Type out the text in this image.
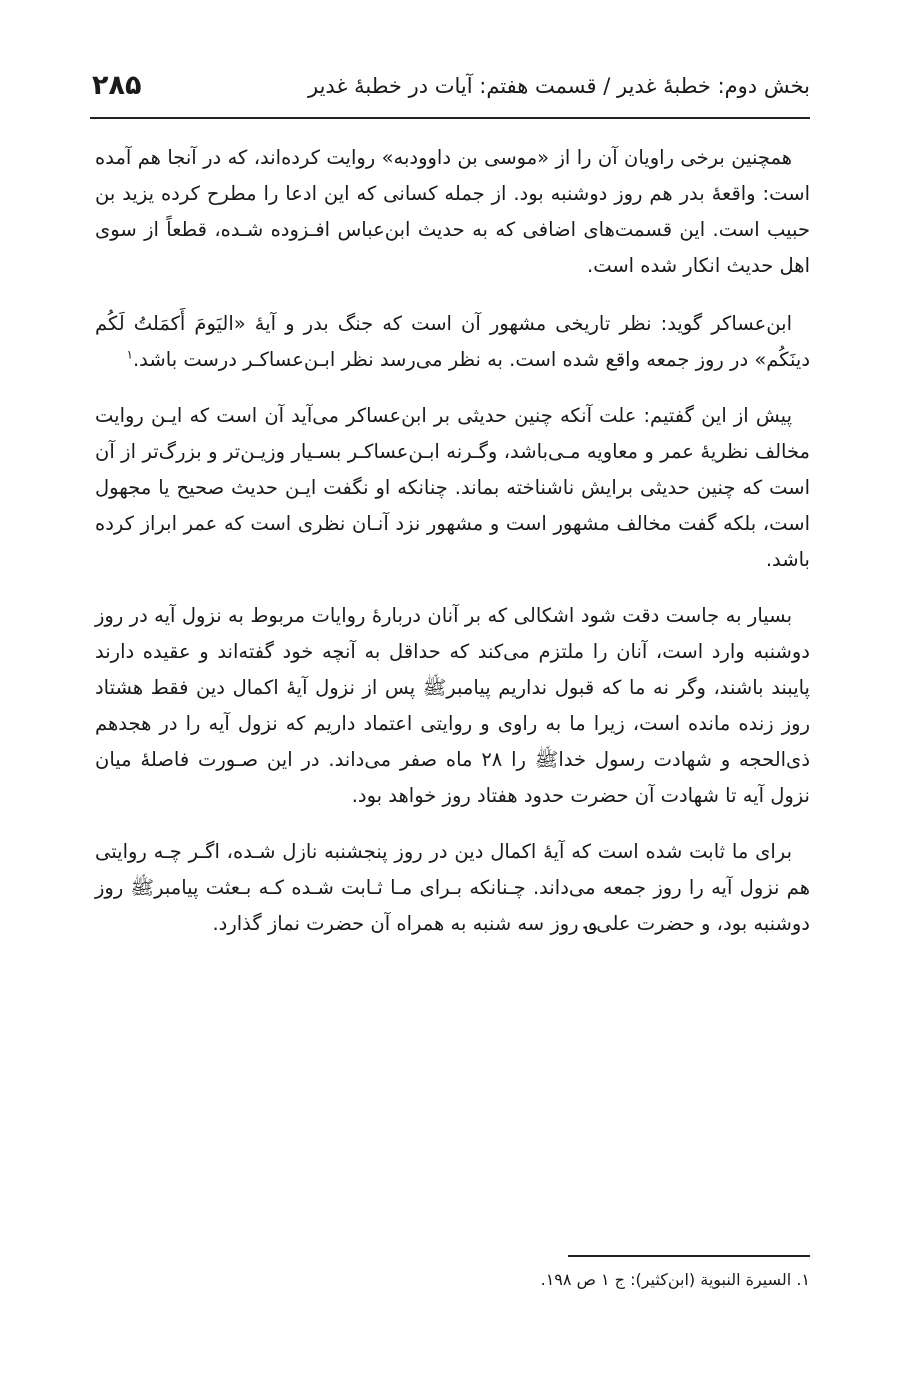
بخش دوم: خطبهٔ غدیر / قسمت هفتم: آیات در خطبهٔ غدیر
۲۸۵

همچنین برخی راویان آن را از «موسی بن داوودبه» روایت کرده‌اند، که در آنجا هم آمده است: واقعهٔ بدر هم روز دوشنبه بود. از جمله کسانی که این ادعا را مطرح کرده یزید بن حبیب است. این قسمت‌های اضافی که به حدیث ابن‌عباس افـزوده شـده، قطعاً از سوی اهل حدیث انکار شده است.

ابن‌عساکر گوید: نظر تاریخی مشهور آن است که جنگ بدر و آیهٔ «الیَومَ أَکمَلتُ لَکُم دینَکُم» در روز جمعه واقع شده است. به نظر می‌رسد نظر ابـن‌عساکـر درست باشد.$^۱$

پیش از این گفتیم: علت آنکه چنین حدیثی بر ابن‌عساکر می‌آید آن است که ایـن روایت مخالف نظریهٔ عمر و معاویه مـی‌باشد، وگـرنه ابـن‌عساکـر بسـیار وزیـن‌تر و بزرگ‌تر از آن است که چنین حدیثی برایش ناشناخته بماند. چنانکه او نگفت ایـن حدیث صحیح یا مجهول است، بلکه گفت مخالف مشهور است و مشهور نزد آنـان نظری است که عمر ابراز کرده باشد.

بسیار به جاست دقت شود اشکالی که بر آنان دربارهٔ روایات مربوط به نزول آیه در روز دوشنبه وارد است، آنان را ملتزم می‌کند که حداقل به آنچه خود گفته‌اند و عقیده دارند پایبند باشند، وگر نه ما که قبول نداریم پیامبرﷺ پس از نزول آیهٔ اکمال دین فقط هشتاد روز زنده مانده است، زیرا ما به راوی و روایتی اعتماد داریم که نزول آیه را در هجدهم ذی‌الحجه و شهادت رسول خداﷺ را ۲۸ ماه صفر می‌داند. در این صـورت فاصلهٔ میان نزول آیه تا شهادت آن حضرت حدود هفتاد روز خواهد بود.

برای ما ثابت شده است که آیهٔ اکمال دین در روز پنجشنبه نازل شـده، اگـر چـه روایتی هم نزول آیه را روز جمعه می‌داند. چـنانکه بـرای مـا ثـابت شـده کـه بـعثت پیامبرﷺ روز دوشنبه بود، و حضرت علی؈ روز سه شنبه به همراه آن حضرت نماز گذارد.

۱. السیرة النبویة (ابن‌کثیر): ج ۱ ص ۱۹۸.
